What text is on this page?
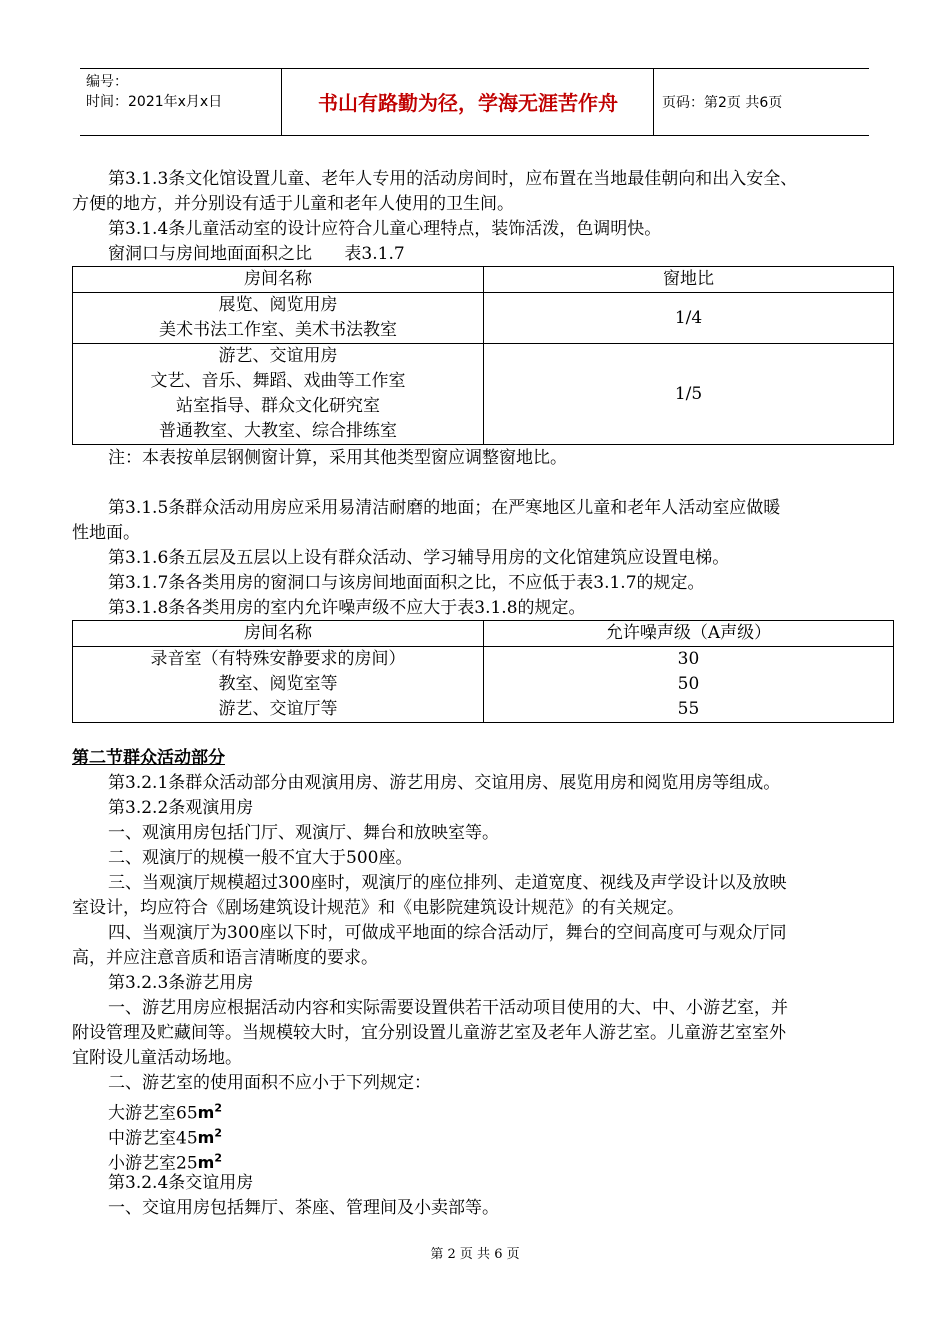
编号：
时间：2021年x月x日	书山有路勤为径，学海无涯苦作舟	页码：第2页 共6页
第3.1.3条文化馆设置儿童、老年人专用的活动房间时，应布置在当地最佳朝向和出入安全、
方便的地方，并分别设有适于儿童和老年人使用的卫生间。
第3.1.4条儿童活动室的设计应符合儿童心理特点，装饰活泼，色调明快。
窗洞口与房间地面面积之比      表3.1.7
房间名称	窗地比

展览、阅览用房
美术书法工作室、美术书法教室	1/4

游艺、交谊用房
文艺、音乐、舞蹈、戏曲等工作室
站室指导、群众文化研究室
普通教室、大教室、综合排练室	1/5
注：本表按单层钢侧窗计算，采用其他类型窗应调整窗地比。
第3.1.5条群众活动用房应采用易清洁耐磨的地面；在严寒地区儿童和老年人活动室应做暖
性地面。
第3.1.6条五层及五层以上设有群众活动、学习辅导用房的文化馆建筑应设置电梯。
第3.1.7条各类用房的窗洞口与该房间地面面积之比，不应低于表3.1.7的规定。
第3.1.8条各类用房的室内允许噪声级不应大于表3.1.8的规定。
房间名称	允许噪声级（A声级）
录音室（有特殊安静要求的房间）	30
教室、阅览室等	50
游艺、交谊厅等	55
第二节群众活动部分
第3.2.1条群众活动部分由观演用房、游艺用房、交谊用房、展览用房和阅览用房等组成。
第3.2.2条观演用房
一、观演用房包括门厅、观演厅、舞台和放映室等。
二、观演厅的规模一般不宜大于500座。
三、当观演厅规模超过300座时，观演厅的座位排列、走道宽度、视线及声学设计以及放映
室设计，均应符合《剧场建筑设计规范》和《电影院建筑设计规范》的有关规定。
四、当观演厅为300座以下时，可做成平地面的综合活动厅，舞台的空间高度可与观众厅同
高，并应注意音质和语言清晰度的要求。
第3.2.3条游艺用房
一、游艺用房应根据活动内容和实际需要设置供若干活动项目使用的大、中、小游艺室，并
附设管理及贮藏间等。当规模较大时，宜分别设置儿童游艺室及老年人游艺室。儿童游艺室室外
宜附设儿童活动场地。
二、游艺室的使用面积不应小于下列规定：
大游艺室$65m^2$
中游艺室$45m^2$
小游艺室$25m^2$
第3.2.4条交谊用房
一、交谊用房包括舞厅、茶座、管理间及小卖部等。
第 2 页 共 6 页
